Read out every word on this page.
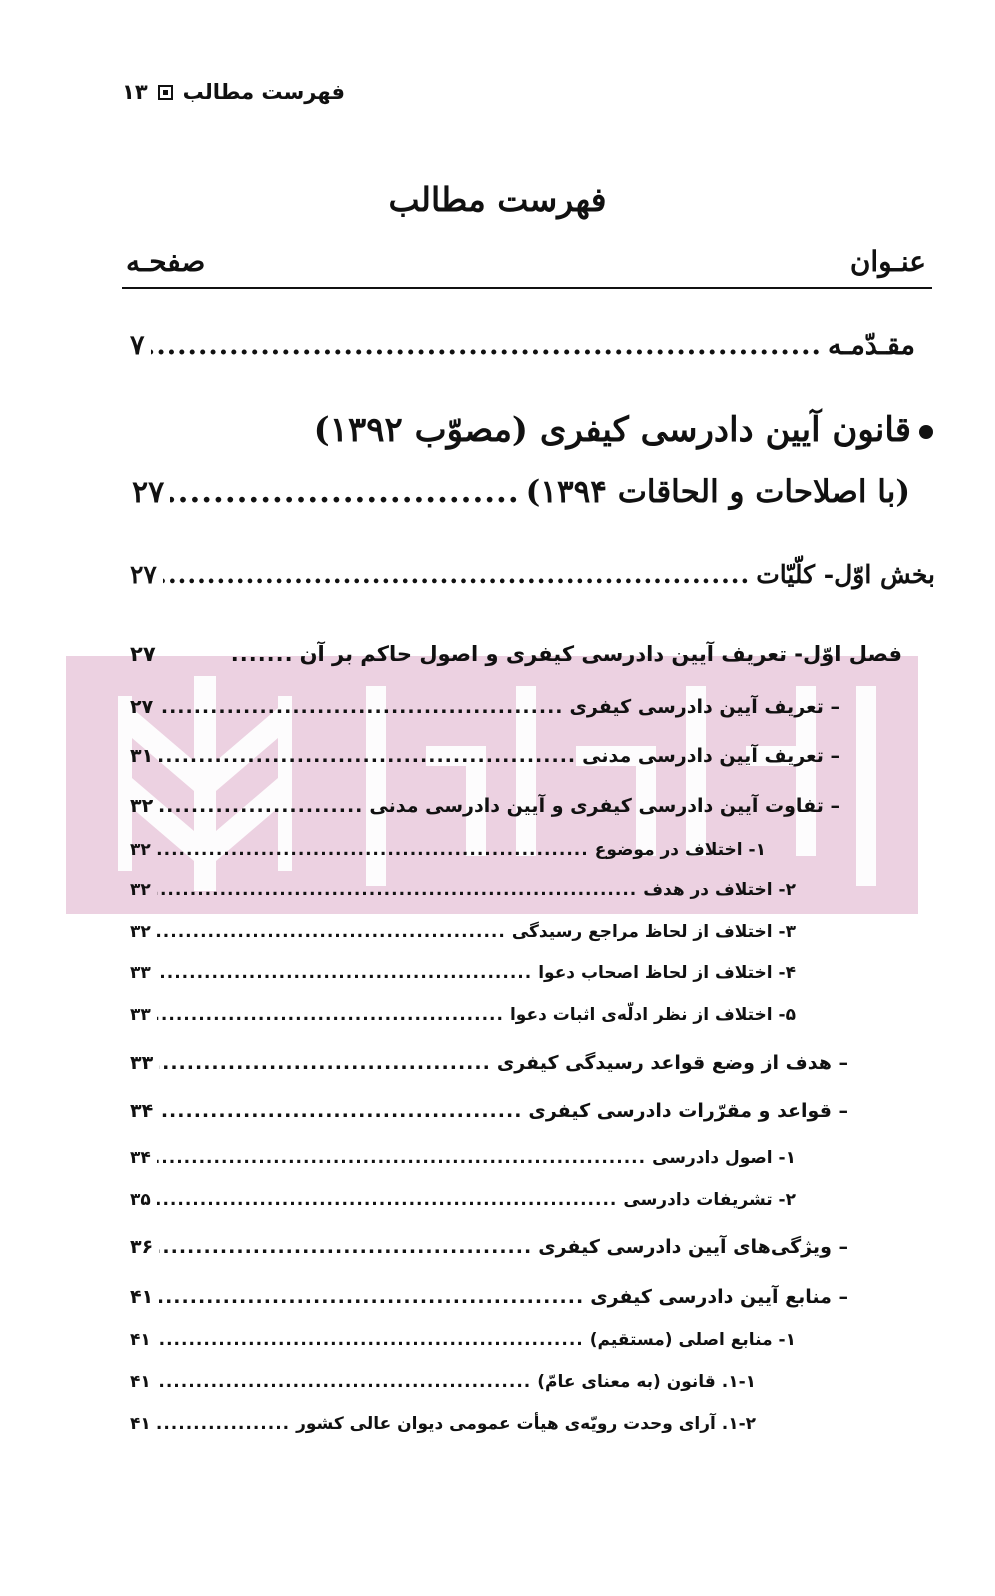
۱۳ فهرست مطالب
فهرست مطالب
عنـوان
صفحـه
مقـدّمـه
.....
۷
قانون آیین دادرسی کیفری (مصوّب ۱۳۹۲)
(با اصلاحات و الحاقات ۱۳۹۴)
.....
۲۷
بخش اوّل- کلّیّات
.....
۲۷
فصل اوّل- تعریف آیین دادرسی کیفری و اصول حاکم بر آن
.....
۲۷
– تعریف آیین دادرسی کیفری
.....
۲۷
– تعریف آیین دادرسی مدنی
.....
۳۱
– تفاوت آیین دادرسی کیفری و آیین دادرسی مدنی
.....
۳۲
۱- اختلاف در موضوع
.....
۳۲
۲- اختلاف در هدف
.....
۳۲
۳- اختلاف از لحاظ مراجع رسیدگی
.....
۳۲
۴- اختلاف از لحاظ اصحاب دعوا
.....
۳۳
۵- اختلاف از نظر ادلّه‌ی اثبات دعوا
.....
۳۳
– هدف از وضع قواعد رسیدگی کیفری
.....
۳۳
– قواعد و مقرّرات دادرسی کیفری
.....
۳۴
۱- اصول دادرسی
.....
۳۴
۲- تشریفات دادرسی
.....
۳۵
– ویژگی‌های آیین دادرسی کیفری
.....
۳۶
– منابع آیین دادرسی کیفری
.....
۴۱
۱- منابع اصلی (مستقیم)
.....
۴۱
۱-۱. قانون (به معنای عامّ)
.....
۴۱
۱-۲. آرای وحدت رویّه‌ی هیأت عمومی دیوان عالی کشور
.....
۴۱
